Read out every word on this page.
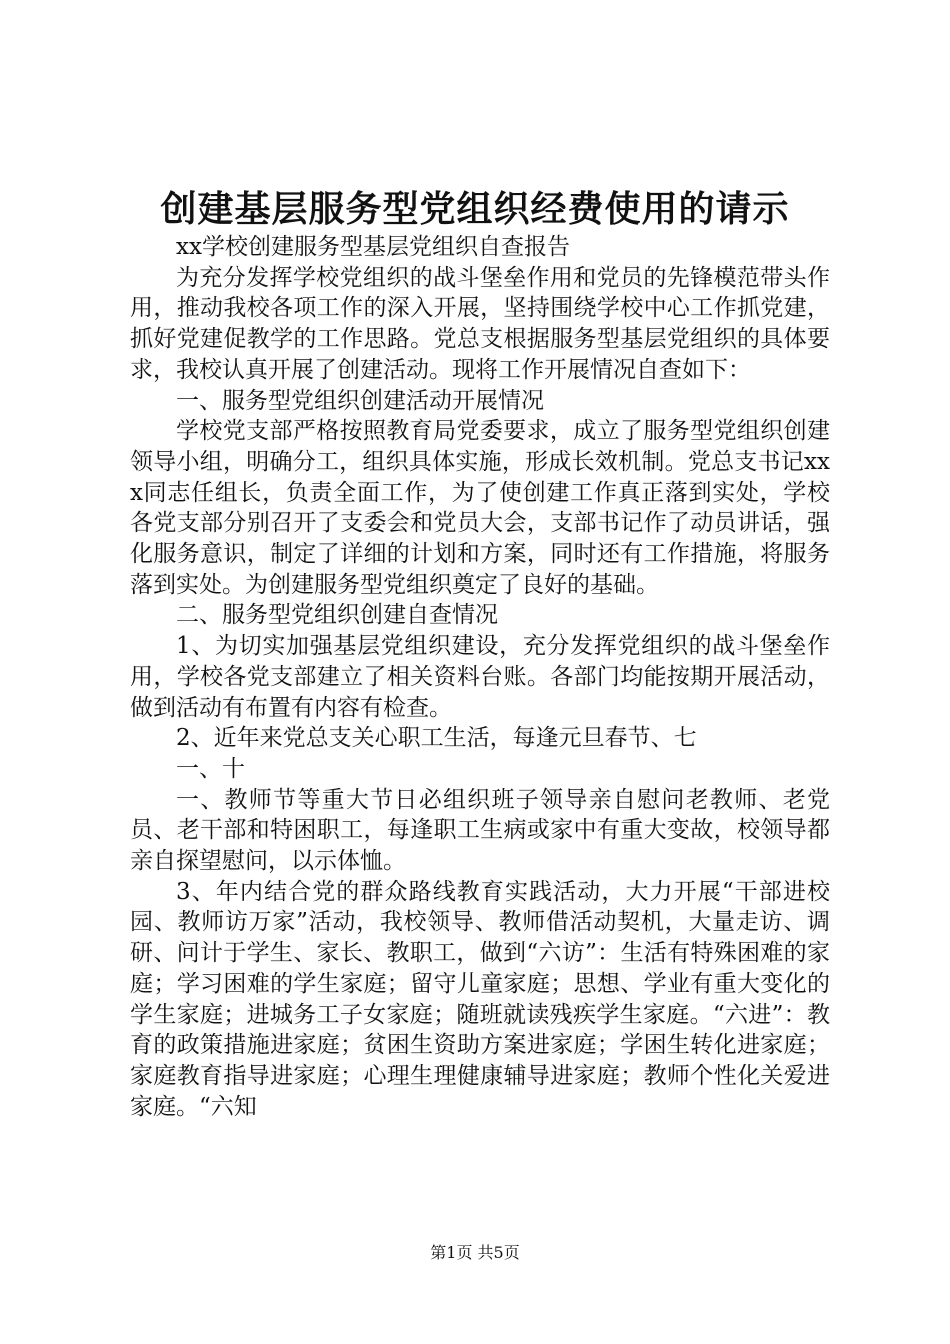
创建基层服务型党组织经费使用的请示

xx学校创建服务型基层党组织自查报告

为充分发挥学校党组织的战斗堡垒作用和党员的先锋模范带头作用，推动我校各项工作的深入开展，坚持围绕学校中心工作抓党建，抓好党建促教学的工作思路。党总支根据服务型基层党组织的具体要求，我校认真开展了创建活动。现将工作开展情况自查如下：

一、服务型党组织创建活动开展情况

学校党支部严格按照教育局党委要求，成立了服务型党组织创建领导小组，明确分工，组织具体实施，形成长效机制。党总支书记xxx同志任组长，负责全面工作，为了使创建工作真正落到实处，学校各党支部分别召开了支委会和党员大会，支部书记作了动员讲话，强化服务意识，制定了详细的计划和方案，同时还有工作措施，将服务落到实处。为创建服务型党组织奠定了良好的基础。

二、服务型党组织创建自查情况

1、为切实加强基层党组织建设，充分发挥党组织的战斗堡垒作用，学校各党支部建立了相关资料台账。各部门均能按期开展活动，做到活动有布置有内容有检查。

2、近年来党总支关心职工生活，每逢元旦春节、七

一、十

一、教师节等重大节日必组织班子领导亲自慰问老教师、老党员、老干部和特困职工，每逢职工生病或家中有重大变故，校领导都亲自探望慰问，以示体恤。

3、年内结合党的群众路线教育实践活动，大力开展“干部进校园、教师访万家”活动，我校领导、教师借活动契机，大量走访、调研、问计于学生、家长、教职工，做到“六访”：生活有特殊困难的家庭；学习困难的学生家庭；留守儿童家庭；思想、学业有重大变化的学生家庭；进城务工子女家庭；随班就读残疾学生家庭。“六进”：教育的政策措施进家庭；贫困生资助方案进家庭；学困生转化进家庭；家庭教育指导进家庭；心理生理健康辅导进家庭；教师个性化关爱进家庭。“六知

第1页 共5页
